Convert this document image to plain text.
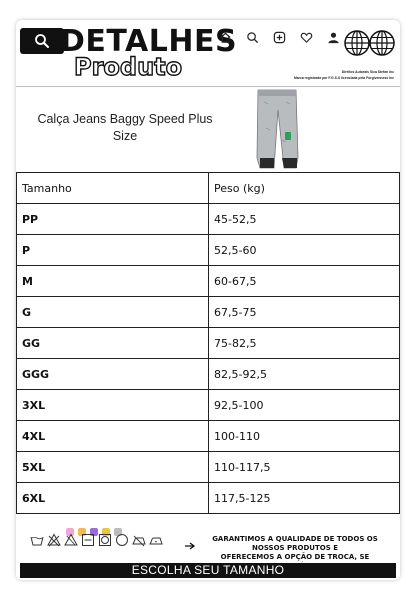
DETALHES
Produto	Direitos Autorais Sica Stefan Inc
Marca registrada por F.G.S.S licenciada pela Forgivenness Inc
Calça Jeans Baggy Speed Plus Size
Tamanho	Peso (kg)
PP	45-52,5
P	52,5-60
M	60-67,5
G	67,5-75
GG	75-82,5
GGG	82,5-92,5
3XL	92,5-100
4XL	100-110
5XL	110-117,5
6XL	117,5-125
GARANTIMOS A QUALIDADE DE TODOS OS NOSSOS PRODUTOS E
OFERECEMOS A OPÇÃO DE TROCA, SE
ESCOLHA SEU TAMANHO
